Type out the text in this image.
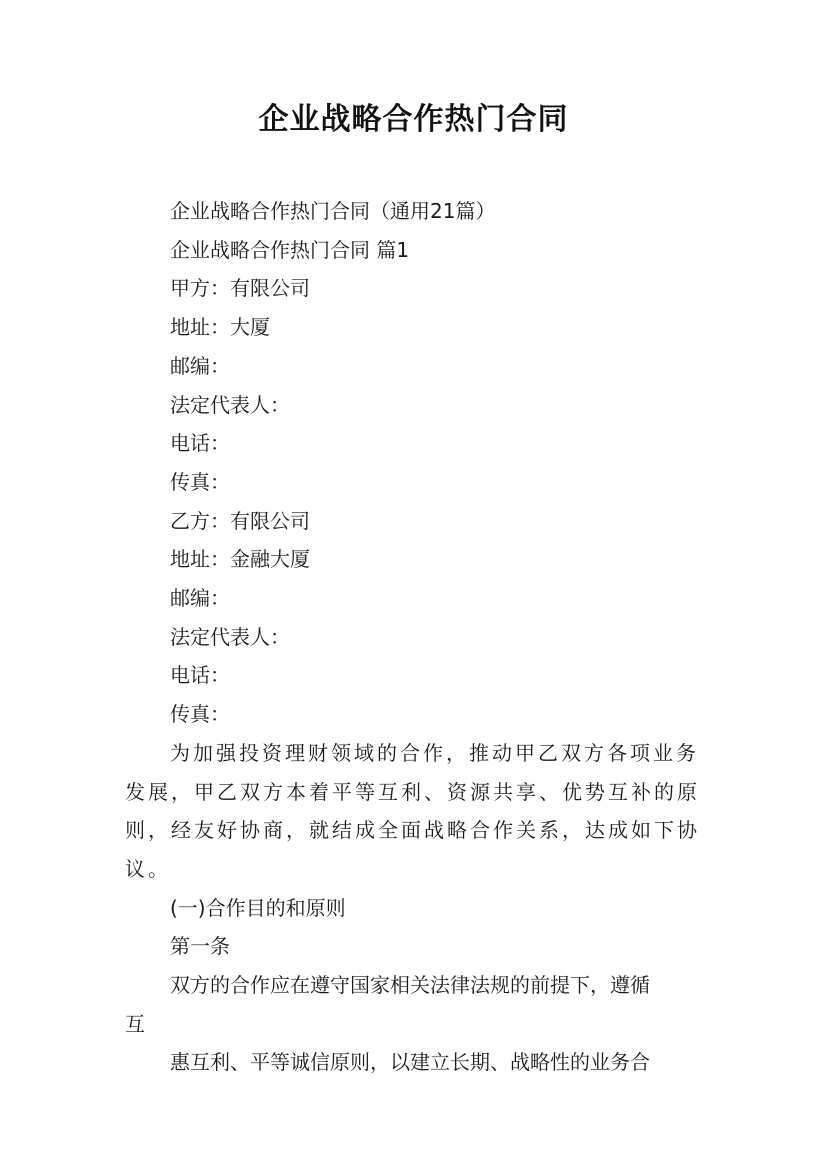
企业战略合作热门合同

企业战略合作热门合同（通用21篇）

企业战略合作热门合同 篇1

甲方：有限公司

地址：大厦

邮编：

法定代表人：

电话：

传真：

乙方：有限公司

地址：金融大厦

邮编：

法定代表人：

电话：

传真：

为加强投资理财领域的合作，推动甲乙双方各项业务发展，甲乙双方本着平等互利、资源共享、优势互补的原则，经友好协商，就结成全面战略合作关系，达成如下协议。

(一)合作目的和原则

第一条

双方的合作应在遵守国家相关法律法规的前提下，遵循

互

惠互利、平等诚信原则，以建立长期、战略性的业务合
